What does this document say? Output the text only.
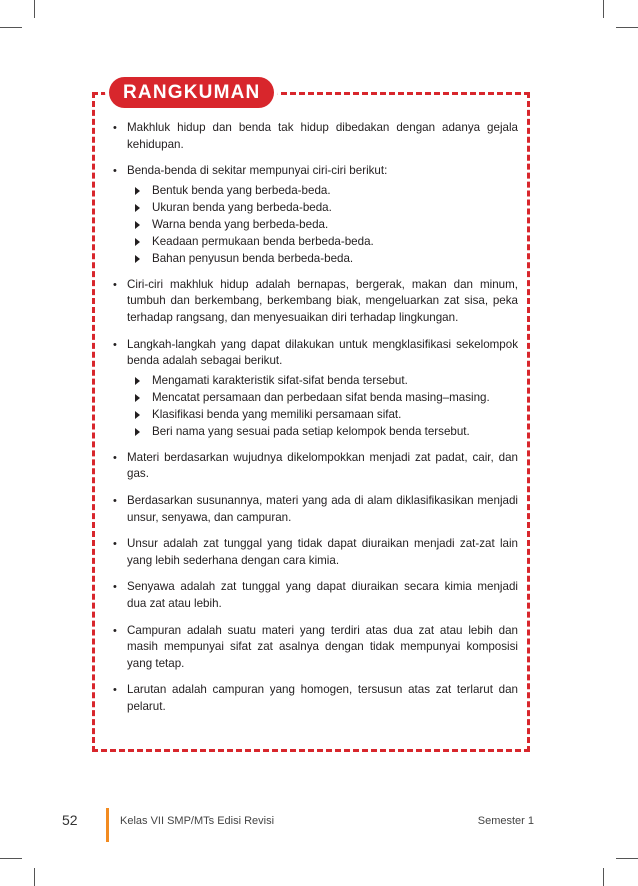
RANGKUMAN
• Makhluk hidup dan benda tak hidup dibedakan dengan adanya gejala kehidupan.
• Benda-benda di sekitar mempunyai ciri-ciri berikut:
Bentuk benda yang berbeda-beda.
Ukuran benda yang berbeda-beda.
Warna benda yang berbeda-beda.
Keadaan permukaan benda berbeda-beda.
Bahan penyusun benda berbeda-beda.
• Ciri-ciri makhluk hidup adalah bernapas, bergerak, makan dan minum, tumbuh dan berkembang, berkembang biak, mengeluarkan zat sisa, peka terhadap rangsang, dan menyesuaikan diri terhadap lingkungan.
• Langkah-langkah yang dapat dilakukan untuk mengklasifikasi sekelompok benda adalah sebagai berikut.
Mengamati karakteristik sifat-sifat benda tersebut.
Mencatat persamaan dan perbedaan sifat benda masing–masing.
Klasifikasi benda yang memiliki persamaan sifat.
Beri nama yang sesuai pada setiap kelompok benda tersebut.
• Materi berdasarkan wujudnya dikelompokkan menjadi zat padat, cair, dan gas.
• Berdasarkan susunannya, materi yang ada di alam diklasifikasikan menjadi unsur, senyawa, dan campuran.
• Unsur adalah zat tunggal yang tidak dapat diuraikan menjadi zat-zat lain yang lebih sederhana dengan cara kimia.
• Senyawa adalah zat tunggal yang dapat diuraikan secara kimia menjadi dua zat atau lebih.
• Campuran adalah suatu materi yang terdiri atas dua zat atau lebih dan masih mempunyai sifat zat asalnya dengan tidak mempunyai komposisi yang tetap.
• Larutan adalah campuran yang homogen, tersusun atas zat terlarut dan pelarut.
52	Kelas VII SMP/MTs Edisi Revisi	Semester 1
